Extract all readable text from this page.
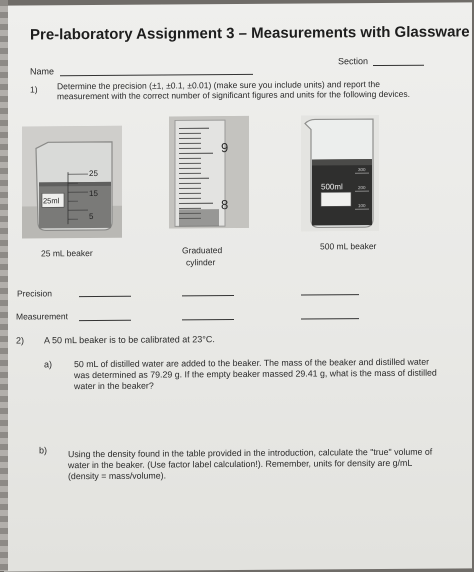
Pre-laboratory Assignment 3 – Measurements with Glassware
Section
Name
1) Determine the precision (±1, ±0.1, ±0.01) (make sure you include units) and report the
measurement with the correct number of significant figures and units for the following devices.
25ml
25
15
5
9
8
500ml
300
200
100
25 mL beaker	Graduated
cylinder
500 mL beaker
Precision
Measurement
2) A 50 mL beaker is to be calibrated at 23°C.
a) 50 mL of distilled water are added to the beaker. The mass of the beaker and distilled water was determined as 79.29 g. If the empty beaker massed 29.41 g, what is the mass of distilled water in the beaker?
b) Using the density found in the table provided in the introduction, calculate the "true" volume of water in the beaker. (Use factor label calculation!). Remember, units for density are g/mL (density = mass/volume).
